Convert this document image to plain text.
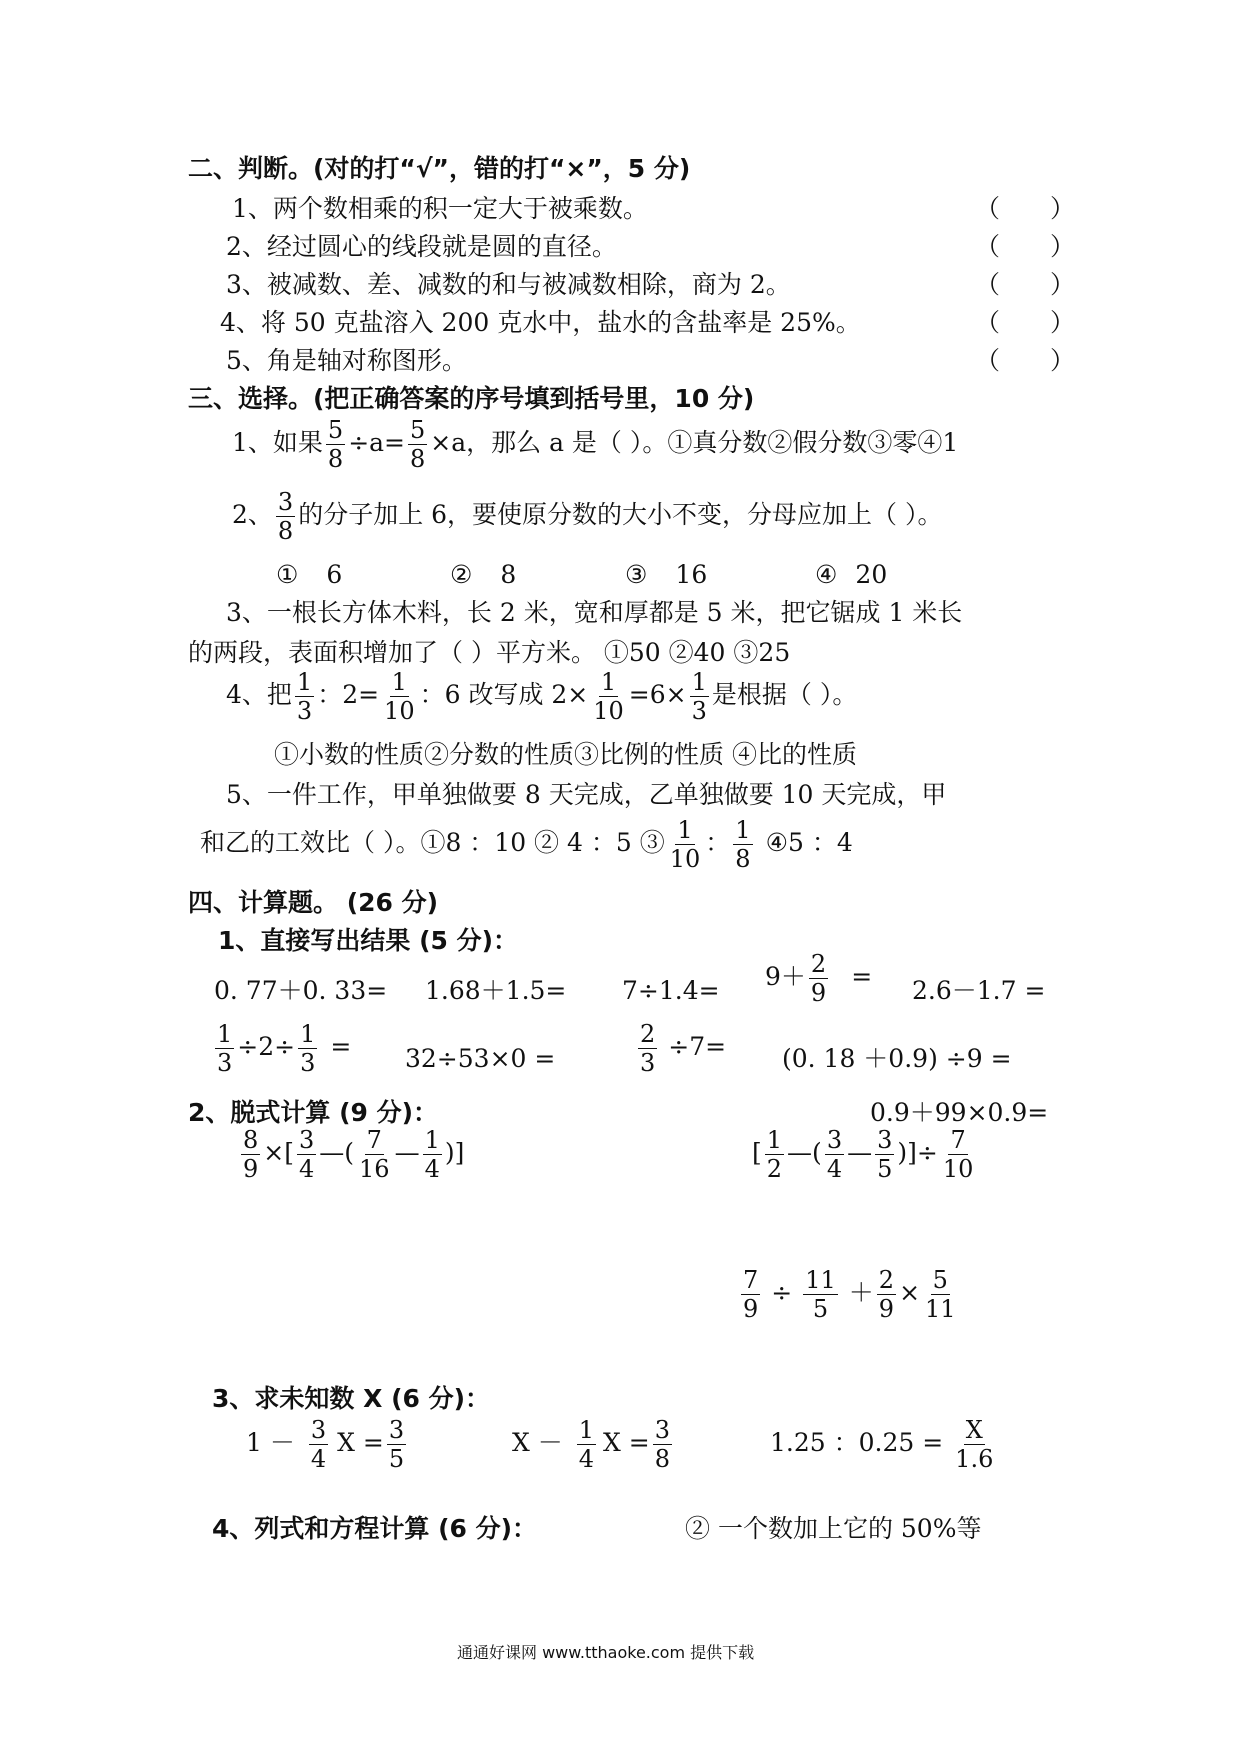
二、判断。(对的打“√”，错的打“×”，5 分)
1、两个数相乘的积一定大于被乘数。	（　　）
2、经过圆心的线段就是圆的直径。	（　　）
3、被减数、差、减数的和与被减数相除，商为 2。	（　　）
4、将 50 克盐溶入 200 克水中，盐水的含盐率是 25%。	（　　）
5、角是轴对称图形。	（　　）
三、选择。(把正确答案的序号填到括号里，10 分)
1、如果 $\frac{5}{8} \div a= \frac{5}{8} \times a$，那么 a 是（ ）。①真分数②假分数③零④1
2、 $\frac{3}{8}$ 的分子加上 6，要使原分数的大小不变，分母应加上（ ）。
① 6	② 8	③ 16	④ 20
3、一根长方体木料，长 2 米，宽和厚都是 5 米，把它锯成 1 米长
的两段，表面积增加了（ ）平方米。 ①50 ②40 ③25
4、把 $\frac{1}{3}$ ：$2= \frac{1}{10}$ ：6 改写成 $2\times \frac{1}{10} =6\times \frac{1}{3}$ 是根据（ ）。
①小数的性质②分数的性质③比例的性质 ④比的性质
5、一件工作，甲单独做要 8 天完成，乙单独做要 10 天完成，甲
和乙的工效比（ ）。①8 ：10 ② 4 ：5 ③ $\frac{1}{10}$ ： $\frac{1}{8}$ ④5 ：4
四、计算题。 (26 分)
1、直接写出结果 (5 分)：
0. 77＋0. $33= 1.68+1.5= 7\div 1.4= 9+ \frac{2}{9} = 2.6-1.7$ =
$\frac{1}{3} \div 2\div \frac{1}{3} = 32\div 53\times 0$ =	$\frac{2}{3} \div 7= (0$. 18 ＋0.9) ÷9 =
2、脱式计算 (9 分)：	0.9＋99×0.9=
$\frac{8}{9}$ ×[ $\frac{3}{4}$ —( $\frac{7}{16}$ — $\frac{1}{4}$ )]	[ $\frac{1}{2}$ —( $\frac{3}{4}$ — $\frac{3}{5}$ )]÷ $\frac{7}{10}$
$\frac{7}{9} \div \frac{11}{5} + \frac{2}{9} \times \frac{5}{11}$
3、求未知数 X (6 分)：
$1 - \frac{3}{4}$ $X = \frac{3}{5}$	$X - \frac{1}{4}$ $X = \frac{3}{8}$	1.25 ：$0.25 = \frac{X}{1.6}$
4、列式和方程计算 (6 分)：	② 一个数加上它的 50%等
通通好课网 www.tthaoke.com 提供下载
